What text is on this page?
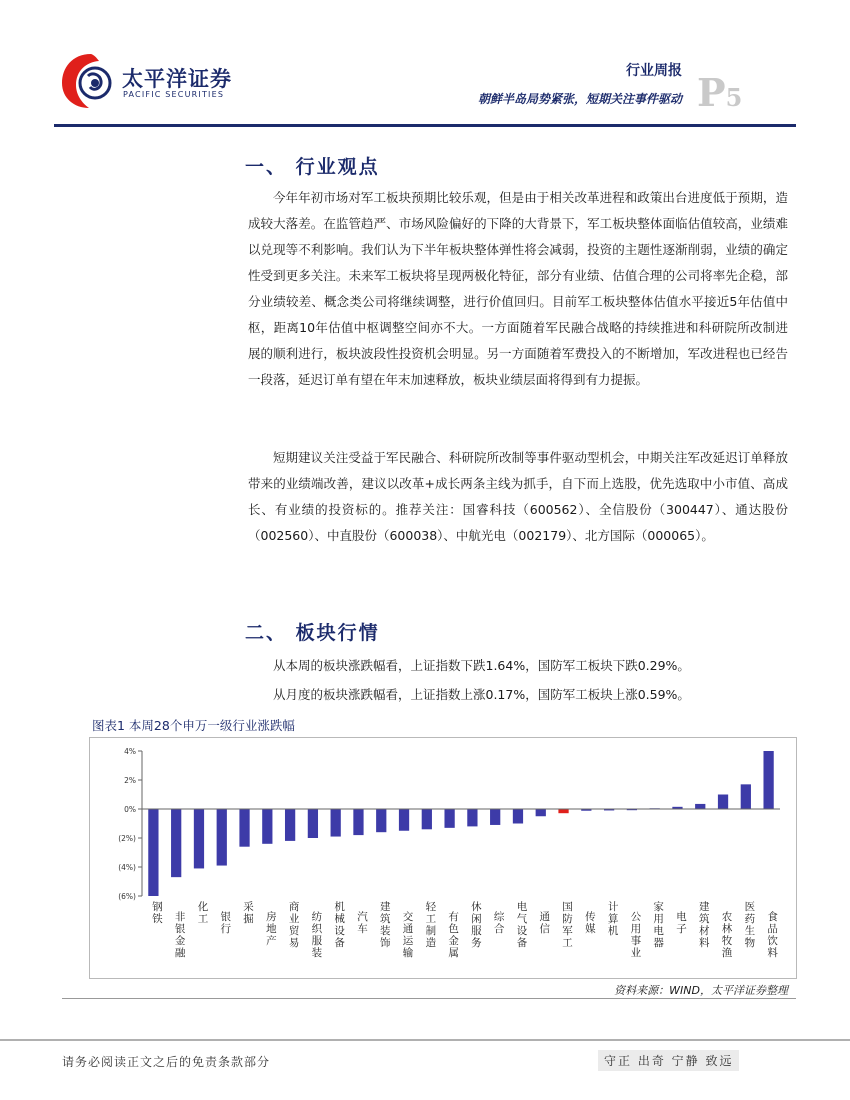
太平洋证券
PACIFIC SECURITIES
行业周报
朝鲜半岛局势紧张，短期关注事件驱动 P5
一、 行业观点
今年年初市场对军工板块预期比较乐观，但是由于相关改革进程和政策出台进度低于预期，造成较大落差。在监管趋严、市场风险偏好的下降的大背景下，军工板块整体面临估值较高，业绩难以兑现等不利影响。我们认为下半年板块整体弹性将会减弱，投资的主题性逐渐削弱，业绩的确定性受到更多关注。未来军工板块将呈现两极化特征，部分有业绩、估值合理的公司将率先企稳，部分业绩较差、概念类公司将继续调整，进行价值回归。目前军工板块整体估值水平接近5年估值中枢，距离10年估值中枢调整空间亦不大。一方面随着军民融合战略的持续推进和科研院所改制进展的顺利进行，板块波段性投资机会明显。另一方面随着军费投入的不断增加，军改进程也已经告一段落，延迟订单有望在年末加速释放，板块业绩层面将得到有力提振。
短期建议关注受益于军民融合、科研院所改制等事件驱动型机会，中期关注军改延迟订单释放带来的业绩端改善，建议以改革+成长两条主线为抓手，自下而上选股，优先选取中小市值、高成长、有业绩的投资标的。推荐关注：国睿科技（600562）、全信股份（300447）、通达股份（002560）、中直股份（600038）、中航光电（002179）、北方国际（000065）。
二、 板块行情
从本周的板块涨跌幅看，上证指数下跌1.64%，国防军工板块下跌0.29%。
从月度的板块涨跌幅看，上证指数上涨0.17%，国防军工板块上涨0.59%。
图表1 本周28个申万一级行业涨跌幅
4%
2%
0%
(2%)
(4%)
(6%)
钢铁 非银金融
化工 银行
采掘 房地产
商业贸易
纺织服装
机械设备
汽车
建筑装饰
交通运输
轻工制造
有色金属
休闲服务
综合
电气设备
通信
国防军工
传媒
计算机
公用事业
家用电器
电子
建筑材料
农林牧渔
医药生物
食品饮料
资料来源：WIND，太平洋证券整理
请务必阅读正文之后的免责条款部分	守正 出奇 宁静 致远
